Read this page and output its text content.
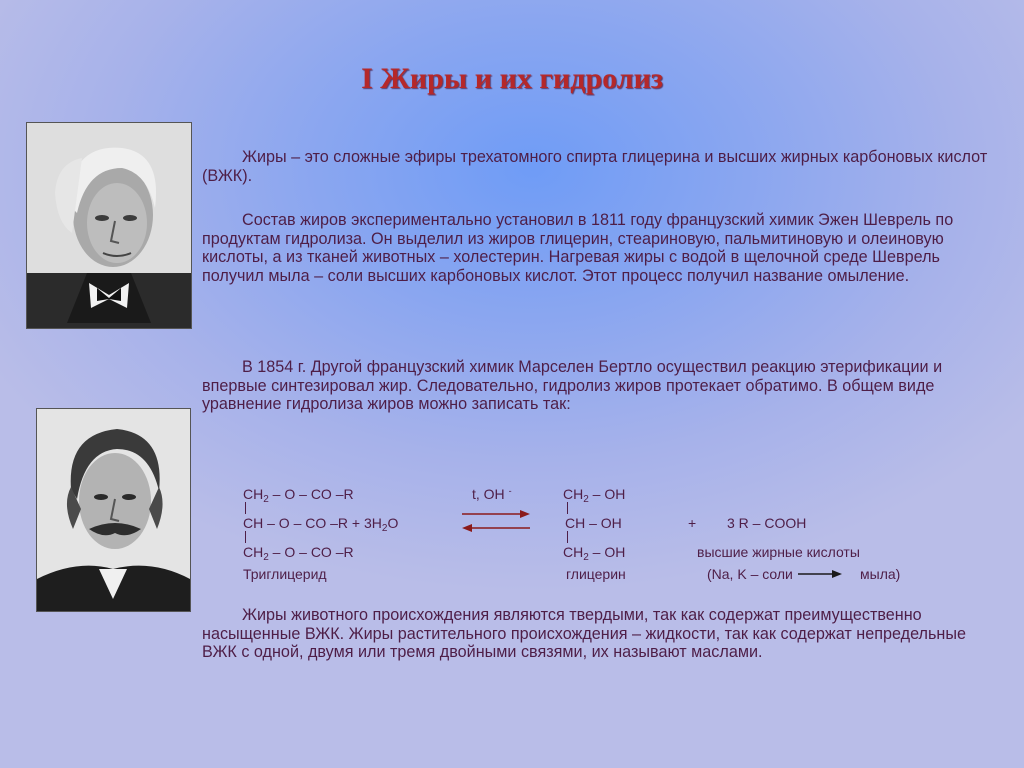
I Жиры и их гидролиз
Жиры – это сложные эфиры трехатомного спирта глицерина и высших жирных карбоновых кислот (ВЖК).
Состав жиров экспериментально установил в 1811 году французский химик Эжен Шеврель по продуктам гидролиза. Он выделил из жиров глицерин, стеариновую, пальмитиновую и олеиновую кислоты, а из тканей животных – холестерин. Нагревая жиры с водой в щелочной среде Шеврель получил мыла – соли высших карбоновых кислот. Этот процесс получил название омыление.
В 1854 г. Другой французский химик Марселен Бертло осуществил реакцию этерификации и впервые синтезировал жир. Следовательно, гидролиз жиров протекает обратимо. В общем виде уравнение гидролиза жиров можно записать так:
$CH_2$ – O – CO –R
CH – O – CO $-R + 3H_2O$
$CH_2$ – O – CO –R
Триглицерид
t, OH -	$CH_2$ – OH
CH – OH
$CH_2$ – OH
глицерин
+ 3 R – COOH
высшие жирные кислоты
(Na, K – соли	мыла)
Жиры животного происхождения являются твердыми, так как содержат преимущественно насыщенные ВЖК. Жиры растительного происхождения – жидкости, так как содержат непредельные ВЖК с одной, двумя или тремя двойными связями, их называют маслами.
